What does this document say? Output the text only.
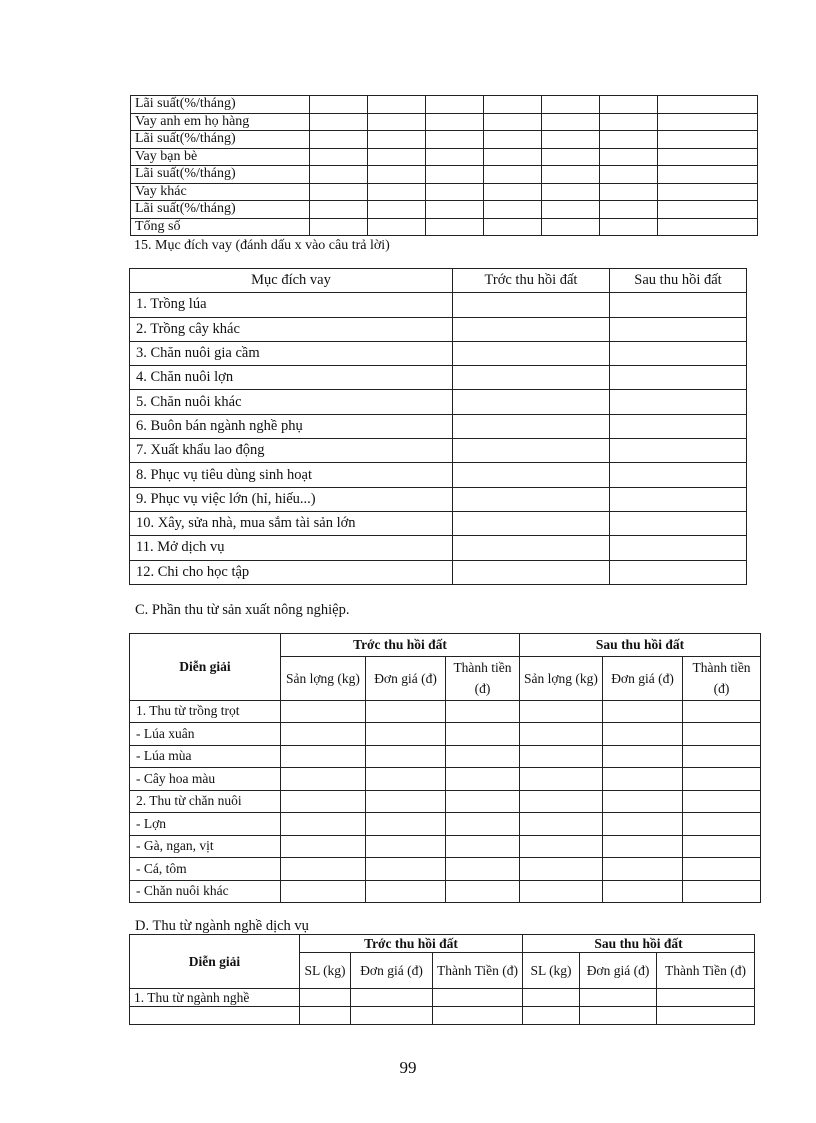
Lãi suất(%/tháng)							
Vay anh em họ hàng							
Lãi suất(%/tháng)							
Vay bạn bè							
Lãi suất(%/tháng)							
Vay khác							
Lãi suất(%/tháng)							
Tổng số							
15. Mục đích vay (đánh dấu x vào câu trả lời)
Mục đích vay	Trớc thu hồi đất	Sau thu hồi đất
1. Trồng lúa		
2. Trồng cây khác		
3. Chăn nuôi gia cầm		
4. Chăn nuôi lợn		
5. Chăn nuôi khác		
6. Buôn bán ngành nghề phụ		
7. Xuất khẩu lao động		
8. Phục vụ tiêu dùng sinh hoạt		
9. Phục vụ việc lớn (hỉ, hiếu...)		
10. Xây, sửa nhà, mua sắm tài sản lớn		
11. Mở dịch vụ		
12. Chi cho học tập		
C. Phần thu từ sản xuất nông nghiệp.
Diễn giải	Trớc thu hồi đất			Sau thu hồi đất		
	Sản lợng (kg)	Đơn giá (đ)	Thành tiền (đ)	Sản lợng (kg)	Đơn giá (đ)	Thành tiền (đ)
1. Thu từ trồng trọt						
- Lúa xuân						
- Lúa mùa						
- Cây hoa màu						
2. Thu từ chăn nuôi						
- Lợn						
- Gà, ngan, vịt						
- Cá, tôm						
- Chăn nuôi khác						
D. Thu từ ngành nghề dịch vụ
Diễn giải	Trớc thu hồi đất			Sau thu hồi đất		
	SL (kg)	Đơn giá (đ)	Thành Tiền (đ)	SL (kg)	Đơn giá (đ)	Thành Tiền (đ)
1. Thu từ ngành nghề						

99
